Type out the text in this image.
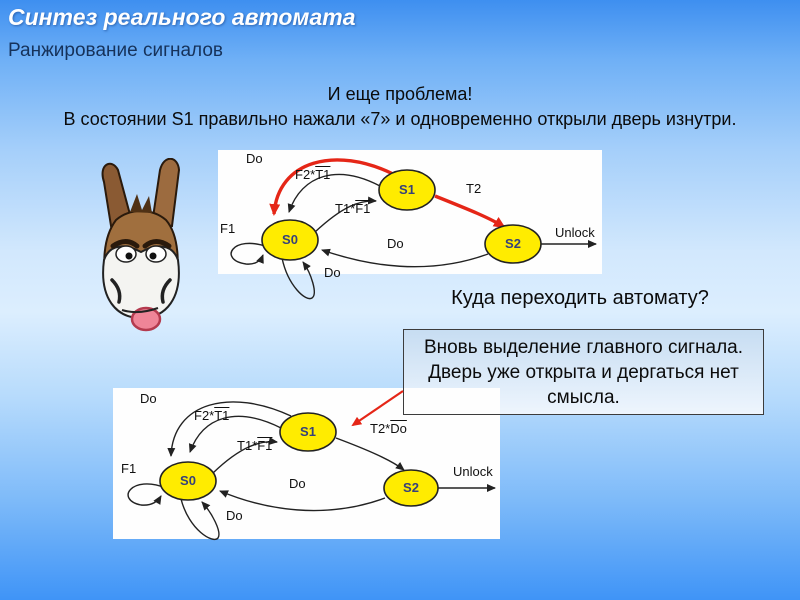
Синтез реального автомата
Ранжирование сигналов
И еще проблема!
В состоянии S1 правильно нажали «7» и одновременно открыли дверь изнутри.
Вновь выделение главного сигнала.
Дверь уже открыта и дергаться нет
смысла.
Куда переходить автомату?
S0
S1
S2
Do
F2*T1
T1*F1
T2
F1
Do
Unlock
Do
S0
S1
S2
Do
F2*T1
T1*F1
$T2*\overline{Do}$
F1
Do
Unlock
Do
